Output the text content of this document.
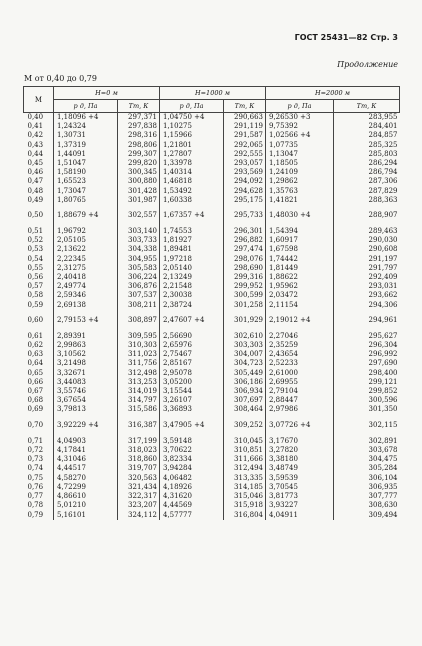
ГОСТ 25431—82 Стр. 3
Продолжение
М от 0,40 до 0,79
М	H=0 м		H=1000 м		H=2000 м	
	p д, Па	Tт, К	p д, Па	Tт, К	p д, Па	Tт, К
0,40	1,18096 +4	297,371	1,04750 +4	290,663	9,26530 +3	283,955
0,41	1,24324	297,838	1,10275	291,119	9,75392	284,401
0,42	1,30731	298,316	1,15966	291,587	1,02566 +4	284,857
0,43	1,37319	298,806	1,21801	292,065	1,07735	285,325
0,44	1,44091	299,307	1,27807	292,555	1,13047	285,803
0,45	1,51047	299,820	1,33978	293,057	1,18505	286,294
0,46	1,58190	300,345	1,40314	293,569	1,24109	286,794
0,47	1,65523	300,880	1,46818	294,092	1,29862	287,306
0,48	1,73047	301,428	1,53492	294,628	1,35763	287,829
0,49	1,80765	301,987	1,60338	295,175	1,41821	288,363
0,50	1,88679 +4	302,557	1,67357 +4	295,733	1,48030 +4	288,907
0,51	1,96792	303,140	1,74553	296,301	1,54394	289,463
0,52	2,05105	303,733	1,81927	296,882	1,60917	290,030
0,53	2,13622	304,338	1,89481	297,474	1,67598	290,608
0,54	2,22345	304,955	1,97218	298,076	1,74442	291,197
0,55	2,31275	305,583	2,05140	298,690	1,81449	291,797
0,56	2,40418	306,224	2,13249	299,316	1,88622	292,409
0,57	2,49774	306,876	2,21548	299,952	1,95962	293,031
0,58	2,59346	307,537	2,30038	300,599	2,03472	293,662
0,59	2,69138	308,211	2,38724	301,258	2,11154	294,306
0,60	2,79153 +4	308,897	2,47607 +4	301,929	2,19012 +4	294,961
0,61	2,89391	309,595	2,56690	302,610	2,27046	295,627
0,62	2,99863	310,303	2,65976	303,303	2,35259	296,304
0,63	3,10562	311,023	2,75467	304,007	2,43654	296,992
0,64	3,21498	311,756	2,85167	304,723	2,52233	297,690
0,65	3,32671	312,498	2,95078	305,449	2,61000	298,400
0,66	3,44083	313,253	3,05200	306,186	2,69955	299,121
0,67	3,55746	314,019	3,15544	306,934	2,79104	299,852
0,68	3,67654	314,797	3,26107	307,697	2,88447	300,596
0,69	3,79813	315,586	3,36893	308,464	2,97986	301,350
0,70	3,92229 +4	316,387	3,47905 +4	309,252	3,07726 +4	302,115
0,71	4,04903	317,199	3,59148	310,045	3,17670	302,891
0,72	4,17841	318,023	3,70622	310,851	3,27820	303,678
0,73	4,31046	318,860	3,82334	311,666	3,38180	304,475
0,74	4,44517	319,707	3,94284	312,494	3,48749	305,284
0,75	4,58270	320,563	4,06482	313,335	3,59539	306,104
0,76	4,72299	321,434	4,18926	314,185	3,70545	306,935
0,77	4,86610	322,317	4,31620	315,046	3,81773	307,777
0,78	5,01210	323,207	4,44569	315,918	3,93227	308,630
0,79	5,16101	324,112	4,57777	316,804	4,04911	309,494
